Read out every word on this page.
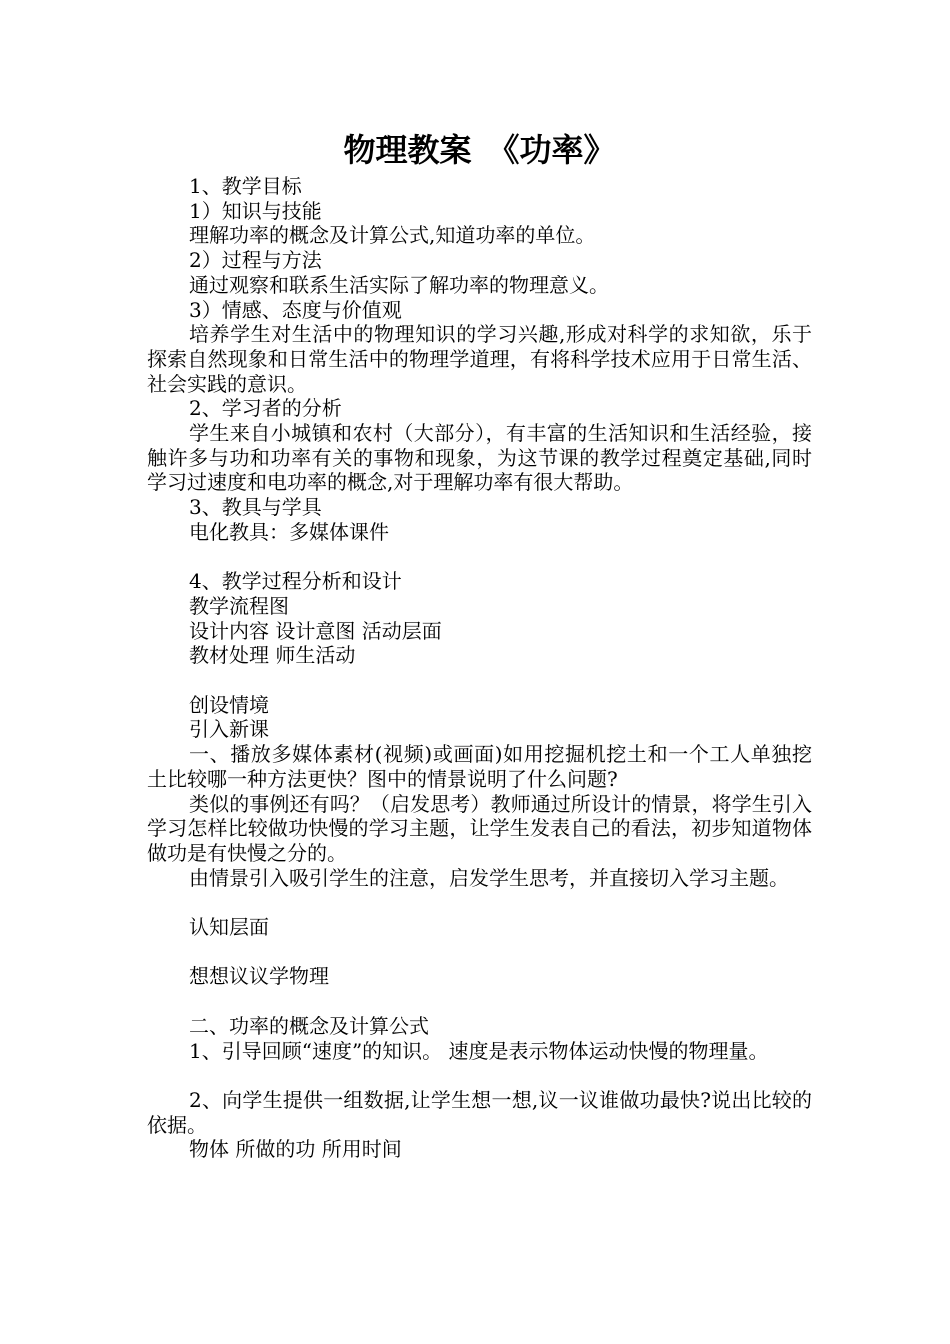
物理教案　《功率》
1、教学目标
1）知识与技能
理解功率的概念及计算公式,知道功率的单位。
2）过程与方法
通过观察和联系生活实际了解功率的物理意义。
3）情感、态度与价值观
培养学生对生活中的物理知识的学习兴趣,形成对科学的求知欲，乐于探索自然现象和日常生活中的物理学道理，有将科学技术应用于日常生活、社会实践的意识。
2、学习者的分析
学生来自小城镇和农村（大部分），有丰富的生活知识和生活经验，接触许多与功和功率有关的事物和现象，为这节课的教学过程奠定基础,同时学习过速度和电功率的概念,对于理解功率有很大帮助。
3、教具与学具
电化教具：多媒体课件
4、教学过程分析和设计
教学流程图
设计内容 设计意图 活动层面
教材处理 师生活动
创设情境
引入新课
一、播放多媒体素材(视频)或画面)如用挖掘机挖土和一个工人单独挖土比较哪一种方法更快？图中的情景说明了什么问题?
类似的事例还有吗？（启发思考）教师通过所设计的情景，将学生引入学习怎样比较做功快慢的学习主题，让学生发表自己的看法，初步知道物体做功是有快慢之分的。
由情景引入吸引学生的注意，启发学生思考，并直接切入学习主题。
认知层面
想想议议学物理
二、功率的概念及计算公式
1、引导回顾“速度”的知识。 速度是表示物体运动快慢的物理量。
2、向学生提供一组数据,让学生想一想,议一议谁做功最快?说出比较的依据。
物体 所做的功 所用时间
